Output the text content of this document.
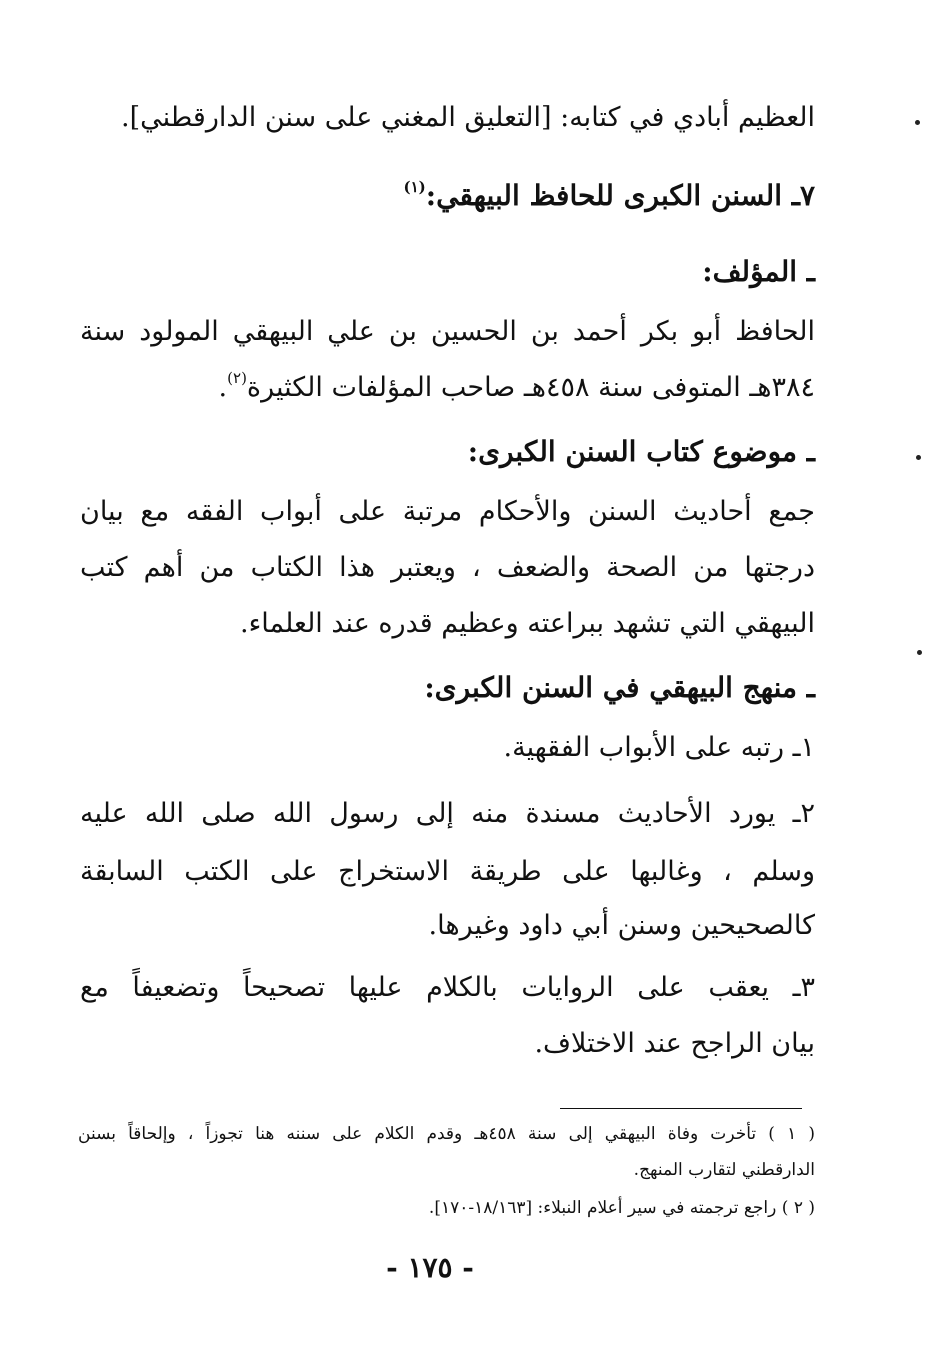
العظيم أبادي في كتابه: [التعليق المغني على سنن الدارقطني].
٧ـ السنن الكبرى للحافظ البيهقي:$^{(١)}$
ـ المؤلف:
الحافظ أبو بكر أحمد بن الحسين بن علي البيهقي المولود سنة
٣٨٤هـ المتوفى سنة ٤٥٨هـ صاحب المؤلفات الكثيرة$^{(٢)}$.
ـ موضوع كتاب السنن الكبرى:
جمع أحاديث السنن والأحكام مرتبة على أبواب الفقه مع بيان
درجتها من الصحة والضعف ، ويعتبر هذا الكتاب من أهم كتب
البيهقي التي تشهد ببراعته وعظيم قدره عند العلماء.
ـ منهج البيهقي في السنن الكبرى:
١ـ رتبه على الأبواب الفقهية.
٢ـ يورد الأحاديث مسندة منه إلى رسول الله صلى الله عليه
وسلم ، وغالبها على طريقة الاستخراج على الكتب السابقة
كالصحيحين وسنن أبي داود وغيرها.
٣ـ يعقب على الروايات بالكلام عليها تصحيحاً وتضعيفاً مع
بيان الراجح عند الاختلاف.
( ١ ) تأخرت وفاة البيهقي إلى سنة ٤٥٨هـ وقدم الكلام على سننه هنا تجوزاً ، وإلحاقاً بسنن
الدارقطني لتقارب المنهج.
( ٢ ) راجع ترجمته في سير أعلام النبلاء: [١٨/١٦٣-١٧٠].
- ١٧٥ -
